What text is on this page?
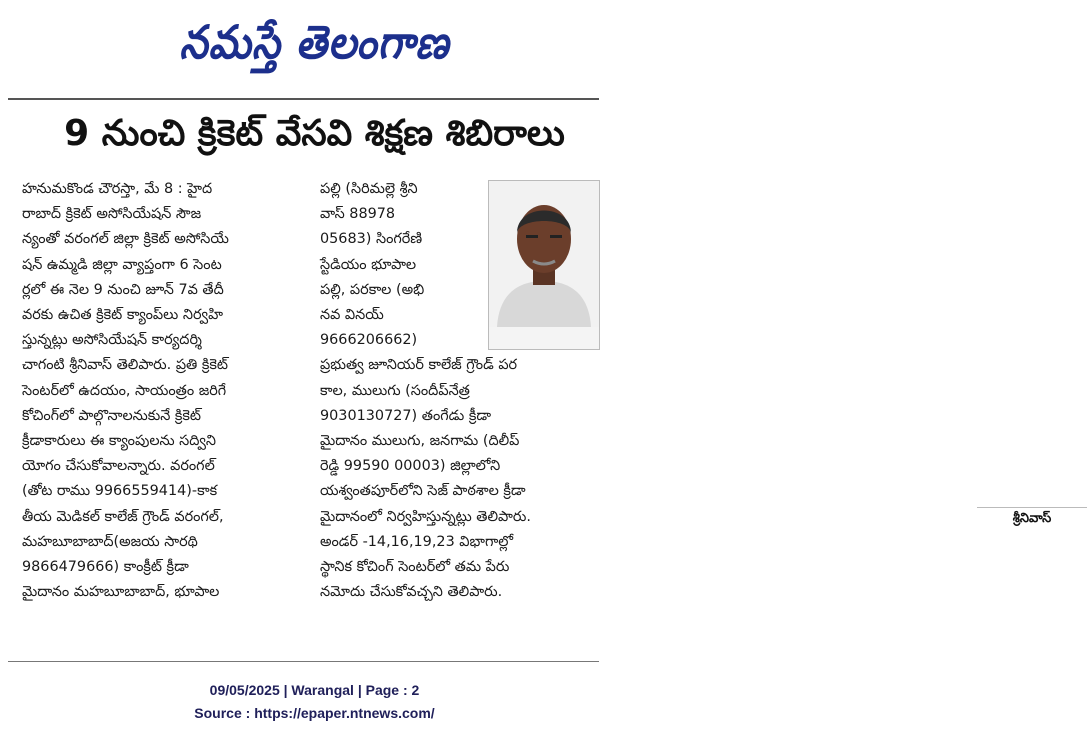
నమస్తే తెలంగాణ
9 నుంచి క్రికెట్ వేసవి శిక్షణ శిబిరాలు

హనుమకొండ చౌరస్తా, మే 8 : హైద

రాబాద్ క్రికెట్ అసోసియేషన్ సౌజ

న్యంతో వరంగల్ జిల్లా క్రికెట్ అసోసియే

షన్ ఉమ్మడి జిల్లా వ్యాప్తంగా 6 సెంట

ర్లలో ఈ నెల 9 నుంచి జూన్ 7వ తేదీ

వరకు ఉచిత క్రికెట్ క్యాంప్‌లు నిర్వహి

స్తున్నట్లు అసోసియేషన్ కార్యదర్శి

చాగంటి శ్రీనివాస్ తెలిపారు. ప్రతి క్రికెట్

సెంటర్‌లో ఉదయం, సాయంత్రం జరిగే

కోచింగ్‌లో పాల్గొనాలనుకునే క్రికెట్

క్రీడాకారులు ఈ క్యాంపులను సద్విని

యోగం చేసుకోవాలన్నారు. వరంగల్

(తోట రాము 9966559414)-కాక

తీయ మెడికల్ కాలేజ్ గ్రౌండ్ వరంగల్,

మహబూబాబాద్(అజయ సారథి

9866479666) కాంక్రీట్ క్రీడా

మైదానం మహబూబాబాద్, భూపాల

పల్లి (సిరిమల్లె శ్రీని

వాస్ 88978

05683) సింగరేణి

స్టేడియం భూపాల

పల్లి, పరకాల (అభి

నవ వినయ్

9666206662)

ప్రభుత్వ జూనియర్ కాలేజ్ గ్రౌండ్ పర

కాల, ములుగు (సందీప్‌నేత్ర

9030130727) తంగేడు క్రీడా

మైదానం ములుగు, జనగామ (దిలీప్

రెడ్డి 99590 00003) జిల్లాలోని

యశ్వంతపూర్‌లోని సెజ్ పాఠశాల క్రీడా

మైదానంలో నిర్వహిస్తున్నట్లు తెలిపారు.

అండర్ -14,16,19,23 విభాగాల్లో

స్థానిక కోచింగ్ సెంటర్‌లో తమ పేరు

నమోదు చేసుకోవచ్చని తెలిపారు.

శ్రీనివాస్
09/05/2025 | Warangal | Page : 2
Source : https://epaper.ntnews.com/
